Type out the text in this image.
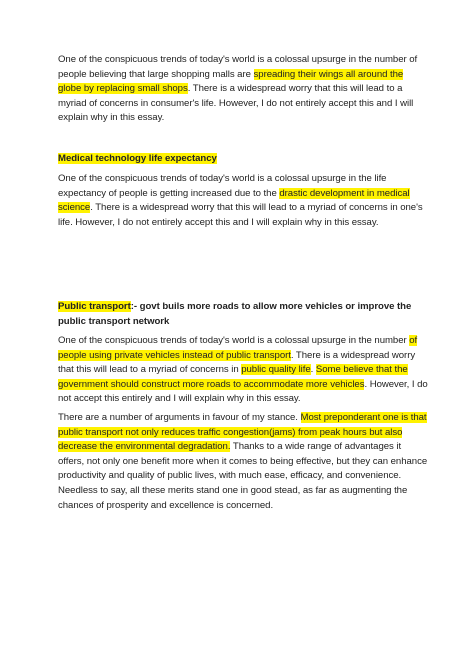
One of the conspicuous trends of today's world is a colossal upsurge in the number of people believing that large shopping malls are spreading their wings all around the globe by replacing small shops. There is a widespread worry that this will lead to a myriad of concerns in consumer's life. However, I do not entirely accept this and I will explain why in this essay.

Medical technology life expectancy

One of the conspicuous trends of today's world is a colossal upsurge in the life expectancy of people is getting increased due to the drastic development in medical science. There is a widespread worry that this will lead to a myriad of concerns in one's life. However, I do not entirely accept this and I will explain why in this essay.

Public transport:- govt buils more roads to allow more vehicles or improve the public transport network

One of the conspicuous trends of today's world is a colossal upsurge in the number of people using private vehicles instead of public transport. There is a widespread worry that this will lead to a myriad of concerns in public quality life. Some believe that the government should construct more roads to accommodate more vehicles. However, I do not accept this entirely and I will explain why in this essay.

There are a number of arguments in favour of my stance. Most preponderant one is that public transport not only reduces traffic congestion(jams) from peak hours but also decrease the environmental degradation. Thanks to a wide range of advantages it offers, not only one benefit more when it comes to being effective, but they can enhance productivity and quality of public lives, with much ease, efficacy, and convenience. Needless to say, all these merits stand one in good stead, as far as augmenting the chances of prosperity and excellence is concerned.
